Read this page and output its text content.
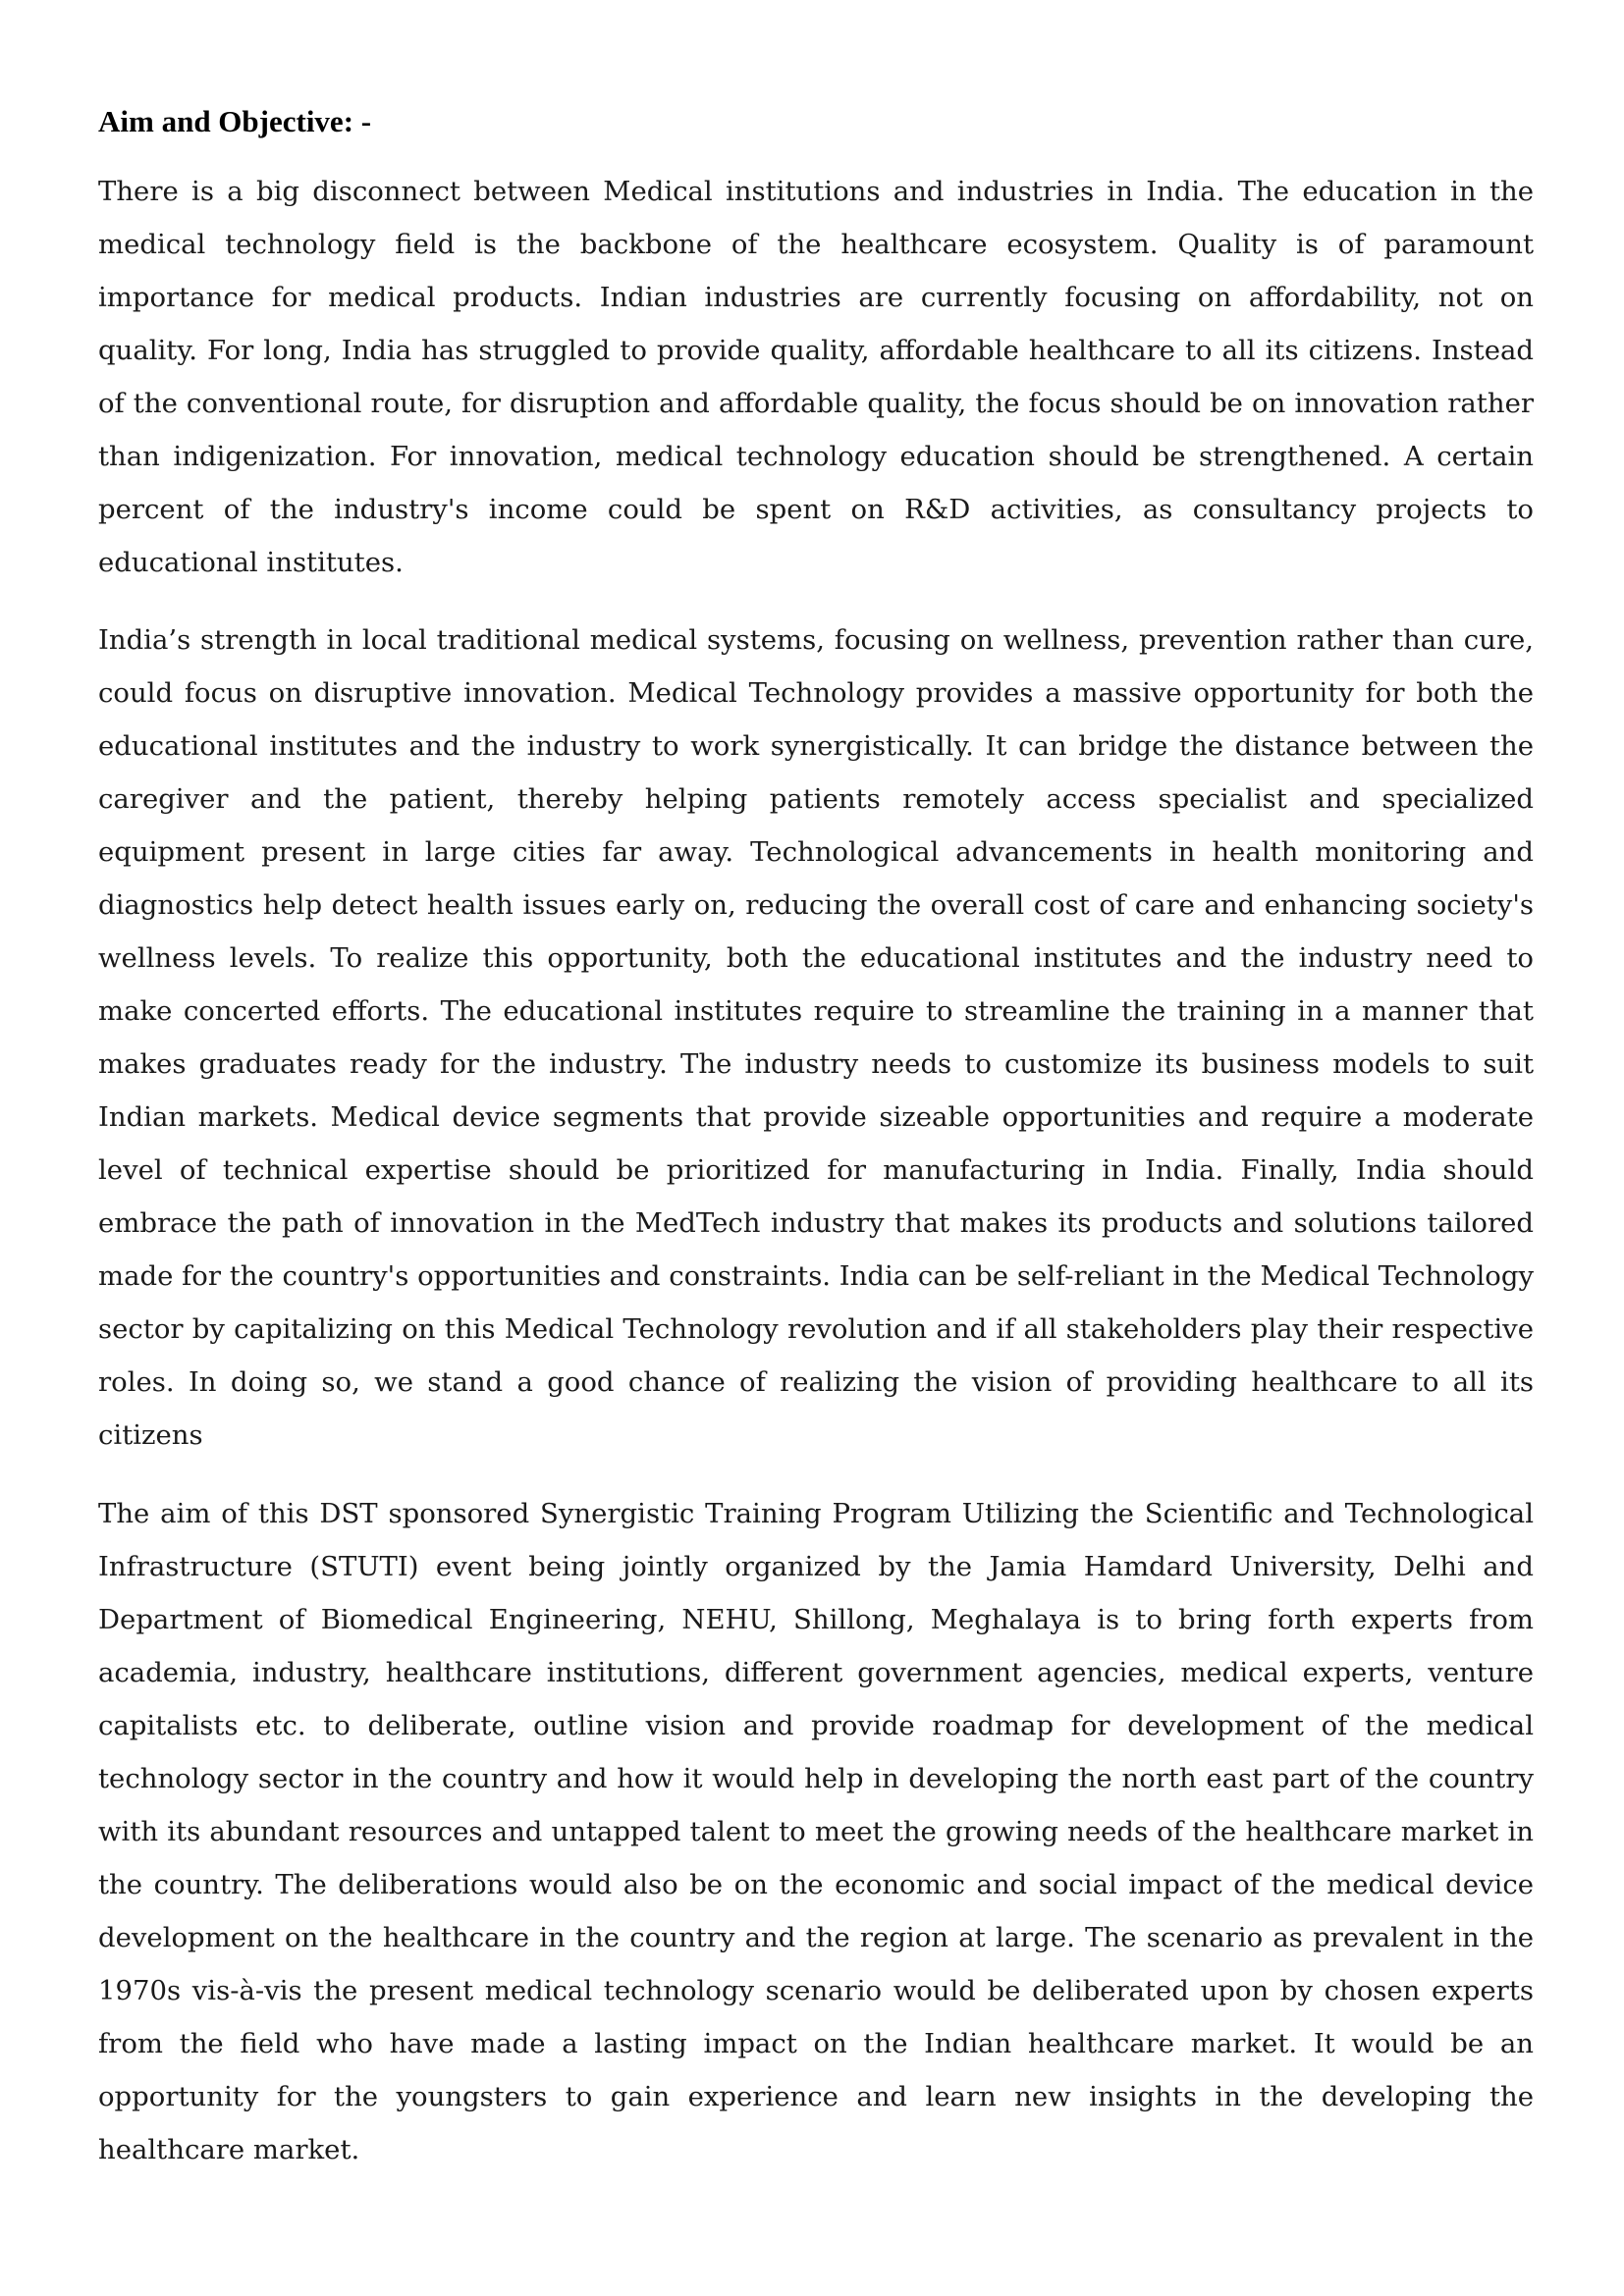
Aim and Objective: -

There is a big disconnect between Medical institutions and industries in India. The education in the medical technology field is the backbone of the healthcare ecosystem. Quality is of paramount importance for medical products. Indian industries are currently focusing on affordability, not on quality. For long, India has struggled to provide quality, affordable healthcare to all its citizens. Instead of the conventional route, for disruption and affordable quality, the focus should be on innovation rather than indigenization. For innovation, medical technology education should be strengthened. A certain percent of the industry's income could be spent on R&D activities, as consultancy projects to educational institutes.

India’s strength in local traditional medical systems, focusing on wellness, prevention rather than cure, could focus on disruptive innovation. Medical Technology provides a massive opportunity for both the educational institutes and the industry to work synergistically. It can bridge the distance between the caregiver and the patient, thereby helping patients remotely access specialist and specialized equipment present in large cities far away. Technological advancements in health monitoring and diagnostics help detect health issues early on, reducing the overall cost of care and enhancing society's wellness levels. To realize this opportunity, both the educational institutes and the industry need to make concerted efforts. The educational institutes require to streamline the training in a manner that makes graduates ready for the industry. The industry needs to customize its business models to suit Indian markets. Medical device segments that provide sizeable opportunities and require a moderate level of technical expertise should be prioritized for manufacturing in India. Finally, India should embrace the path of innovation in the MedTech industry that makes its products and solutions tailored made for the country's opportunities and constraints. India can be self-reliant in the Medical Technology sector by capitalizing on this Medical Technology revolution and if all stakeholders play their respective roles. In doing so, we stand a good chance of realizing the vision of providing healthcare to all its citizens

The aim of this DST sponsored Synergistic Training Program Utilizing the Scientific and Technological Infrastructure (STUTI) event being jointly organized by the Jamia Hamdard University, Delhi and Department of Biomedical Engineering, NEHU, Shillong, Meghalaya is to bring forth experts from academia, industry, healthcare institutions, different government agencies, medical experts, venture capitalists etc. to deliberate, outline vision and provide roadmap for development of the medical technology sector in the country and how it would help in developing the north east part of the country with its abundant resources and untapped talent to meet the growing needs of the healthcare market in the country. The deliberations would also be on the economic and social impact of the medical device development on the healthcare in the country and the region at large. The scenario as prevalent in the 1970s vis-à-vis the present medical technology scenario would be deliberated upon by chosen experts from the field who have made a lasting impact on the Indian healthcare market. It would be an opportunity for the youngsters to gain experience and learn new insights in the developing the healthcare market.
